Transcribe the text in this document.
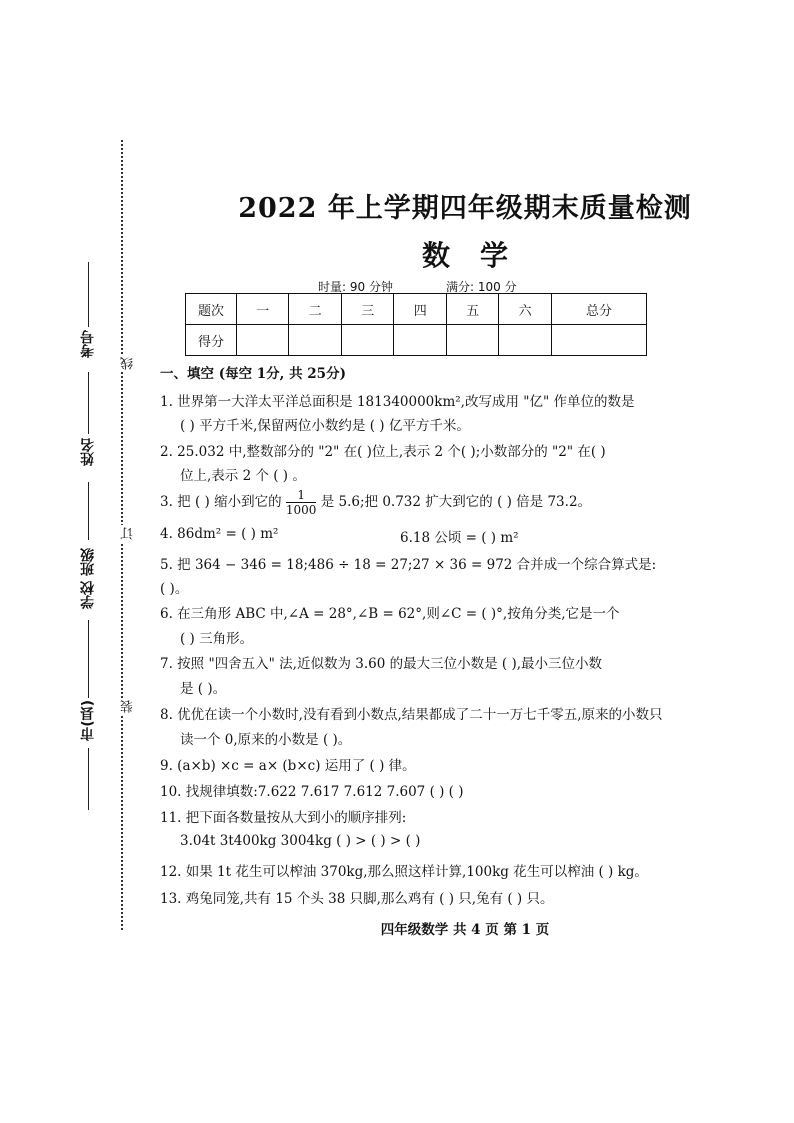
线
订
装
考号
姓名
学校 班级
市(县)
2022 年上学期四年级期末质量检测
数学
时量: 90 分钟	满分: 100 分
题次	一	二	三	四	五	六	总分
得分							
一、填空 (每空 1分, 共 25分)
1. 世界第一大洋太平洋总面积是 181340000km²,改写成用 "亿" 作单位的数是
( ) 平方千米,保留两位小数约是 ( ) 亿平方千米。
2. 25.032 中,整数部分的 "2" 在( )位上,表示 2 个( );小数部分的 "2" 在( )
位上,表示 2 个 ( ) 。
3. 把 ( ) 缩小到它的 $\frac{1}{1000}$ 是 5.6;把 0.732 扩大到它的 ( ) 倍是 73.2。
4. 86dm² = ( ) m²	6.18 公顷 = ( ) m²
5. 把 364 − 346 = 18;486 ÷ 18 = 27;27 × 36 = 972 合并成一个综合算式是:
( )。
6. 在三角形 ABC 中,∠A = 28°,∠B = 62°,则∠C = ( )°,按角分类,它是一个
( ) 三角形。
7. 按照 "四舍五入" 法,近似数为 3.60 的最大三位小数是 ( ),最小三位小数
是 ( )。
8. 优优在读一个小数时,没有看到小数点,结果都成了二十一万七千零五,原来的小数只
读一个 0,原来的小数是 ( )。
9. (a×b) ×c = a× (b×c) 运用了 ( ) 律。
10. 找规律填数:7.622 7.617 7.612 7.607 ( ) ( )
11. 把下面各数量按从大到小的顺序排列:
3.04t 3t400kg 3004kg ( ) > ( ) > ( )
12. 如果 1t 花生可以榨油 370kg,那么照这样计算,100kg 花生可以榨油 ( ) kg。
13. 鸡兔同笼,共有 15 个头 38 只脚,那么鸡有 ( ) 只,兔有 ( ) 只。
四年级数学 共 4 页 第 1 页
